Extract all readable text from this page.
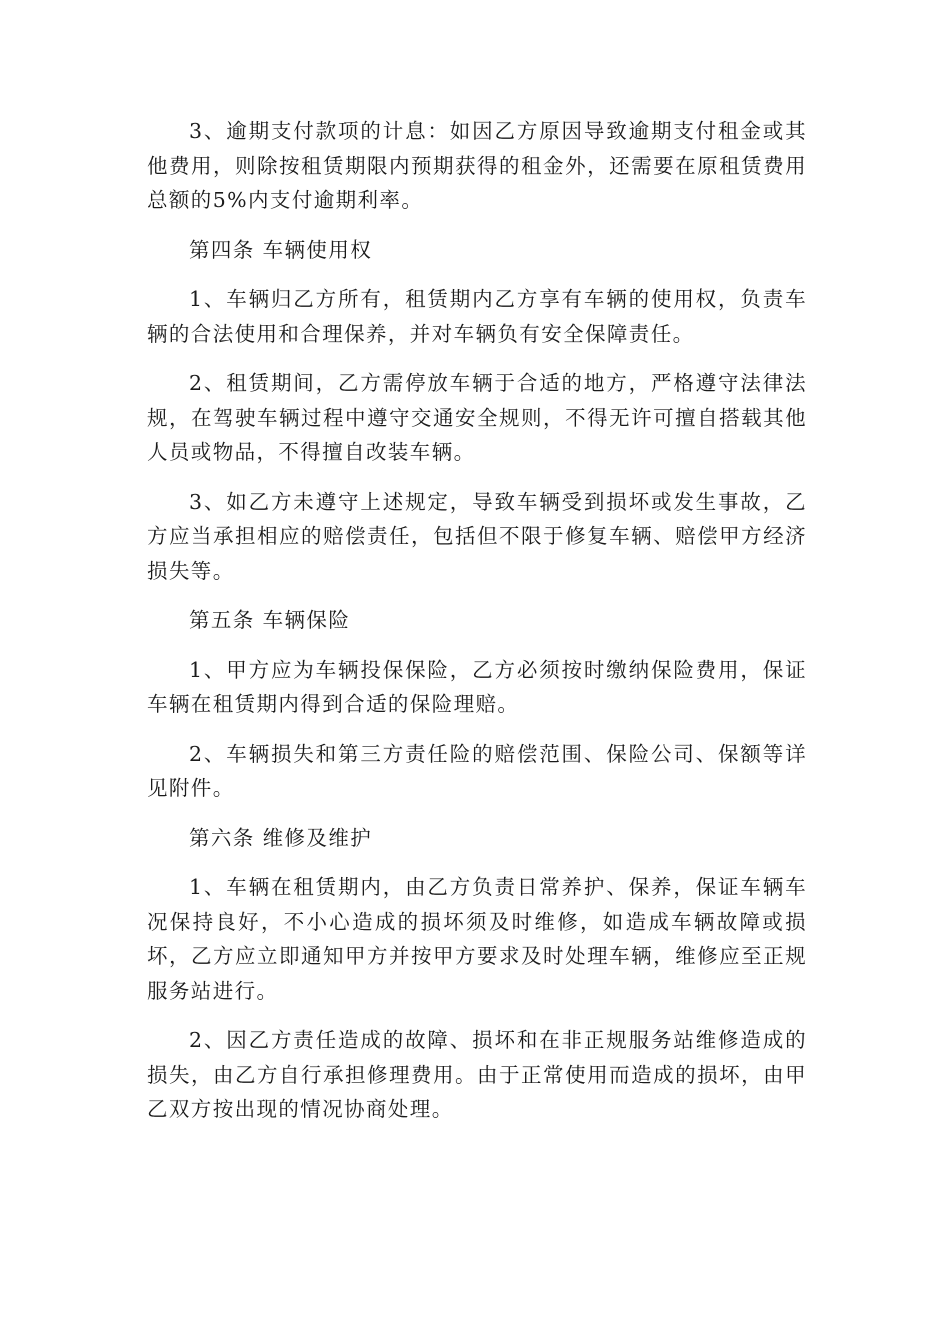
3、逾期支付款项的计息：如因乙方原因导致逾期支付租金或其他费用，则除按租赁期限内预期获得的租金外，还需要在原租赁费用总额的5%内支付逾期利率。

第四条 车辆使用权

1、车辆归乙方所有，租赁期内乙方享有车辆的使用权，负责车辆的合法使用和合理保养，并对车辆负有安全保障责任。

2、租赁期间，乙方需停放车辆于合适的地方，严格遵守法律法规，在驾驶车辆过程中遵守交通安全规则，不得无许可擅自搭载其他人员或物品，不得擅自改装车辆。

3、如乙方未遵守上述规定，导致车辆受到损坏或发生事故，乙方应当承担相应的赔偿责任，包括但不限于修复车辆、赔偿甲方经济损失等。

第五条 车辆保险

1、甲方应为车辆投保保险，乙方必须按时缴纳保险费用，保证车辆在租赁期内得到合适的保险理赔。

2、车辆损失和第三方责任险的赔偿范围、保险公司、保额等详见附件。

第六条 维修及维护

1、车辆在租赁期内，由乙方负责日常养护、保养，保证车辆车况保持良好，不小心造成的损坏须及时维修，如造成车辆故障或损坏，乙方应立即通知甲方并按甲方要求及时处理车辆，维修应至正规服务站进行。

2、因乙方责任造成的故障、损坏和在非正规服务站维修造成的损失，由乙方自行承担修理费用。由于正常使用而造成的损坏，由甲乙双方按出现的情况协商处理。
